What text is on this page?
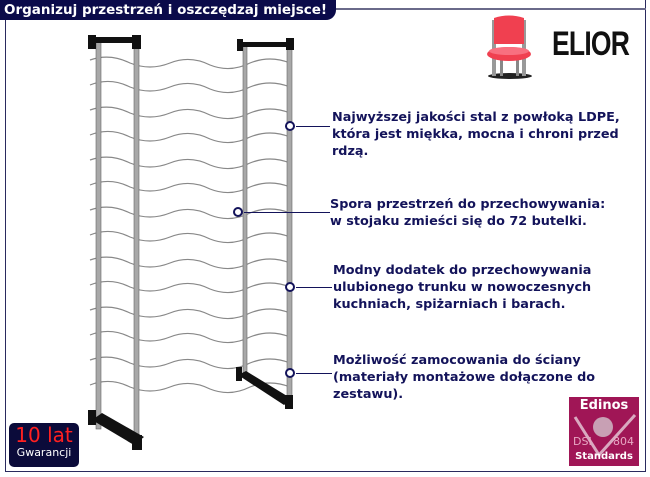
Organizuj przestrzeń i oszczędzaj miejsce!
ELIOR
Najwyższej jakości stal z powłoką LDPE,
która jest miękka, mocna i chroni przed
rdzą.
Spora przestrzeń do przechowywania:
w stojaku zmieści się do 72 butelki.
Modny dodatek do przechowywania
ulubionego trunku w nowoczesnych
kuchniach, spiżarniach i barach.
Możliwość zamocowania do ściany
(materiały montażowe dołączone do
zestawu).
10 lat
Gwarancji
Edinos
DSI 804
Standards
